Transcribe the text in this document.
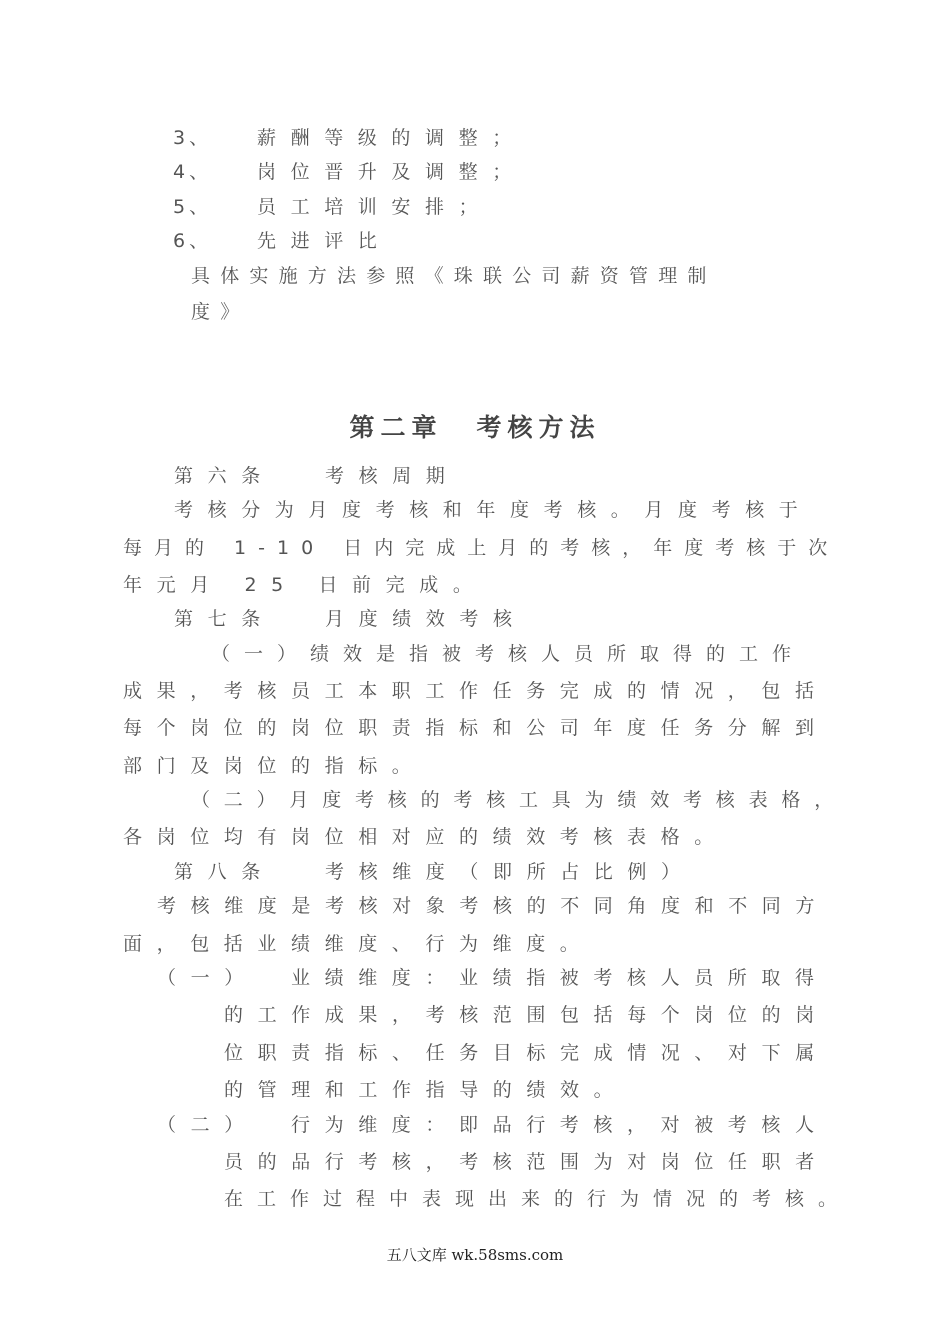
3、 薪酬等级的调整；
4、 岗位晋升及调整；
5、 员工培训安排；
6、 先进评比
具体实施方法参照《珠联公司薪资管理制
度》
第二章 考核方法
第六条	考核周期
考核分为月度考核和年度考核。月度考核于
每月的 1-10 日内完成上月的考核，年度考核于次
年元月 25 日前完成。
第七条	月度绩效考核
（一）绩效是指被考核人员所取得的工作
成果，考核员工本职工作任务完成的情况，包括
每个岗位的岗位职责指标和公司年度任务分解到
部门及岗位的指标。
（二）月度考核的考核工具为绩效考核表格，
各岗位均有岗位相对应的绩效考核表格。
第八条	考核维度（即所占比例）
考核维度是考核对象考核的不同角度和不同方
面，包括业绩维度、行为维度。
（一） 业绩维度：业绩指被考核人员所取得
的工作成果，考核范围包括每个岗位的岗
位职责指标、任务目标完成情况、对下属
的管理和工作指导的绩效。
（二） 行为维度：即品行考核，对被考核人
员的品行考核，考核范围为对岗位任职者
在工作过程中表现出来的行为情况的考核。
五八文库 wk.58sms.com
